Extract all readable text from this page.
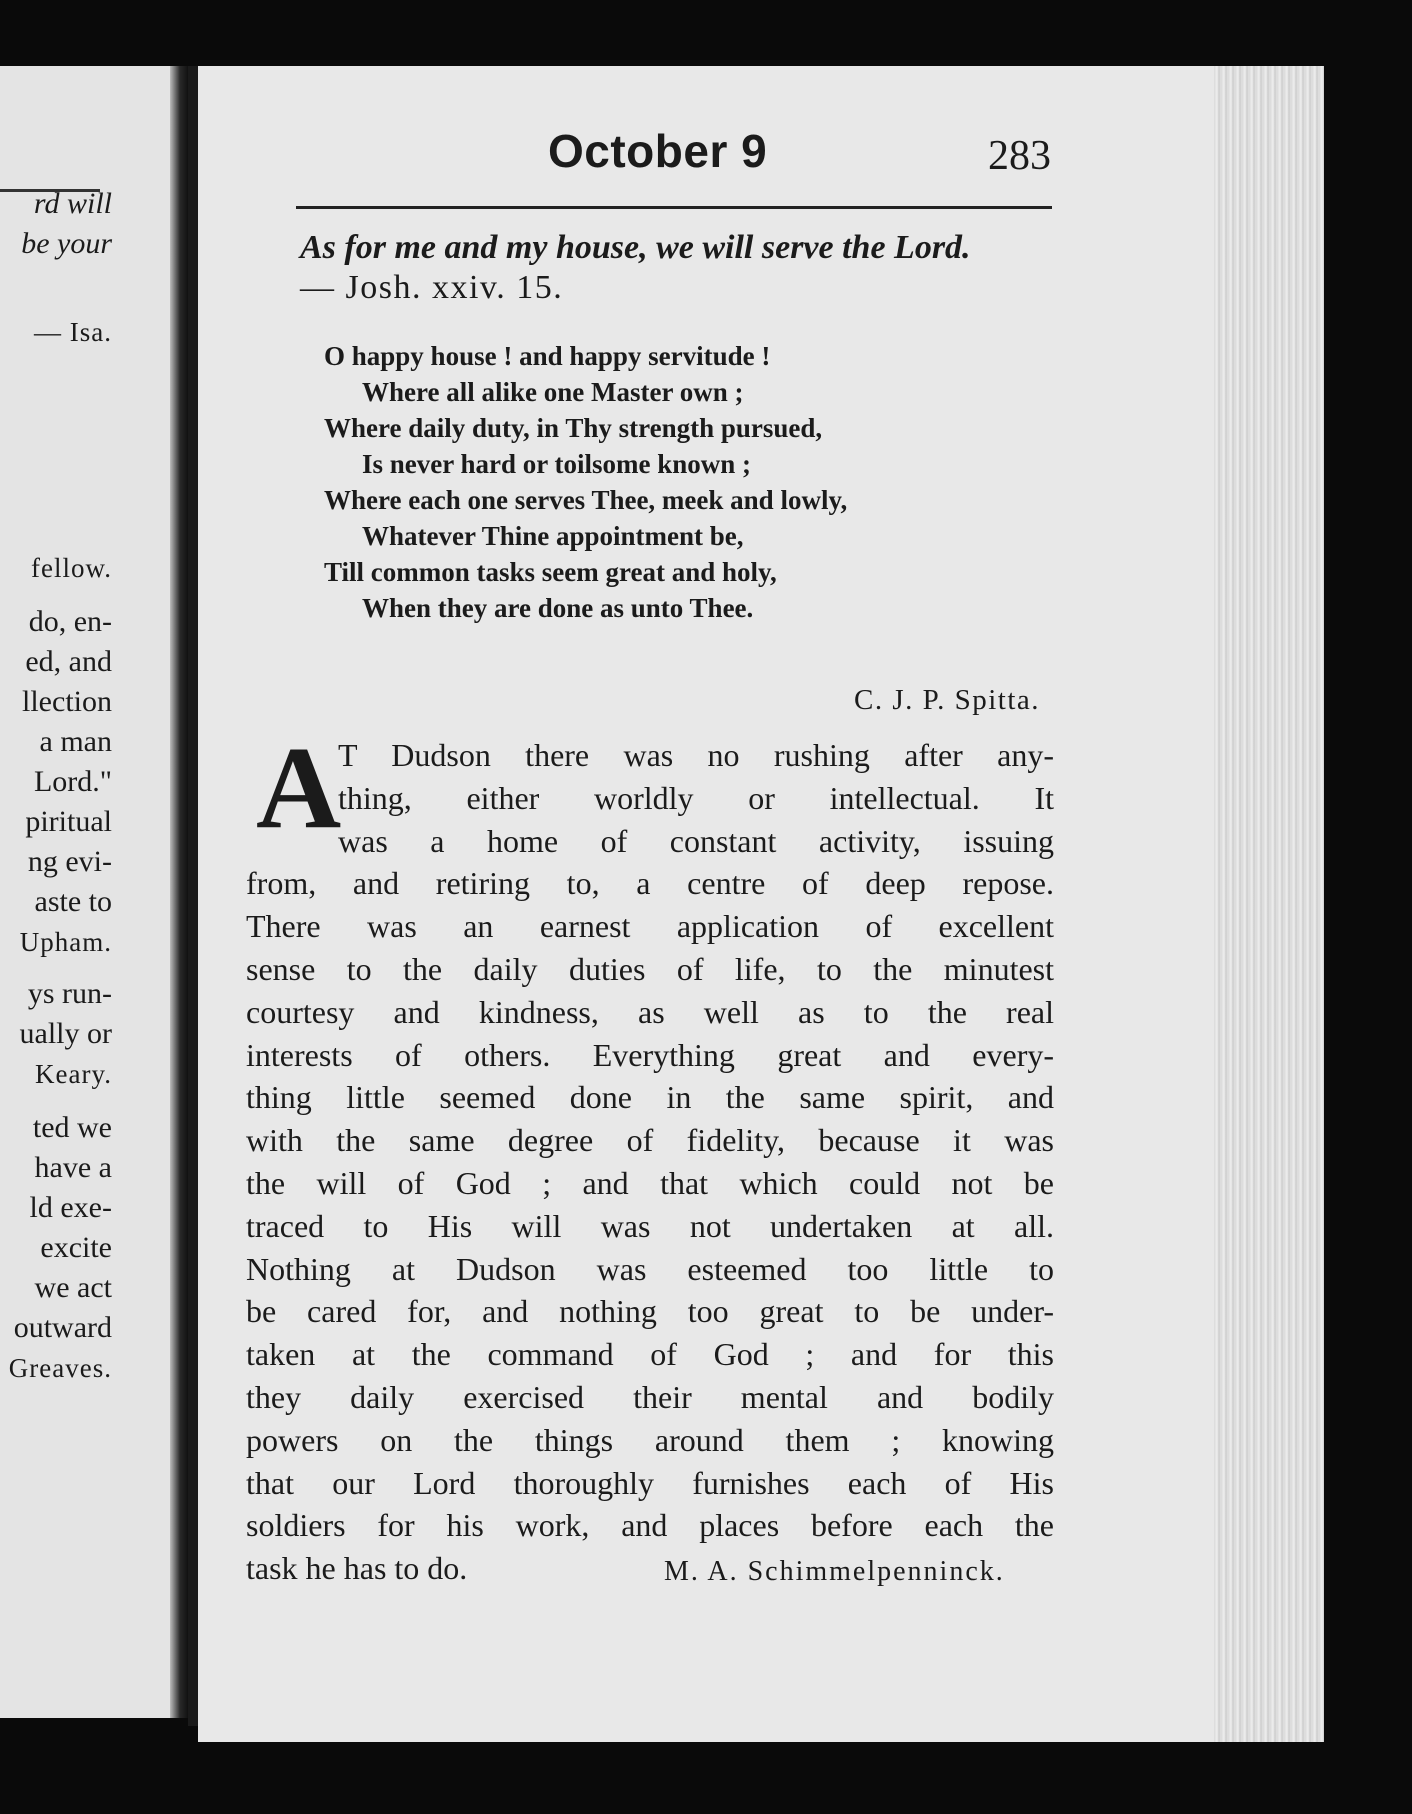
rd will
be your
— Isa.
fellow.
do, en-
ed, and
llection
a man
Lord."
piritual
ng evi-
aste to
Upham.
ys run-
ually or
Keary.
ted we
have a
ld exe-
excite
we act
outward
Greaves.
October 9	283
As for me and my house, we will serve the Lord.
— Josh. xxiv. 15.
O happy house ! and happy servitude !
Where all alike one Master own ;
Where daily duty, in Thy strength pursued,
Is never hard or toilsome known ;
Where each one serves Thee, meek and lowly,
Whatever Thine appointment be,
Till common tasks seem great and holy,
When they are done as unto Thee.
C. J. P. Spitta.
A
T Dudson there was no rushing after any-
thing, either worldly or intellectual. It
was a home of constant activity, issuing
from, and retiring to, a centre of deep repose.
There was an earnest application of excellent
sense to the daily duties of life, to the minutest
courtesy and kindness, as well as to the real
interests of others. Everything great and every-
thing little seemed done in the same spirit, and
with the same degree of fidelity, because it was
the will of God ; and that which could not be
traced to His will was not undertaken at all.
Nothing at Dudson was esteemed too little to
be cared for, and nothing too great to be under-
taken at the command of God ; and for this
they daily exercised their mental and bodily
powers on the things around them ; knowing
that our Lord thoroughly furnishes each of His
soldiers for his work, and places before each the
task he has to do.	M. A. Schimmelpenninck.
